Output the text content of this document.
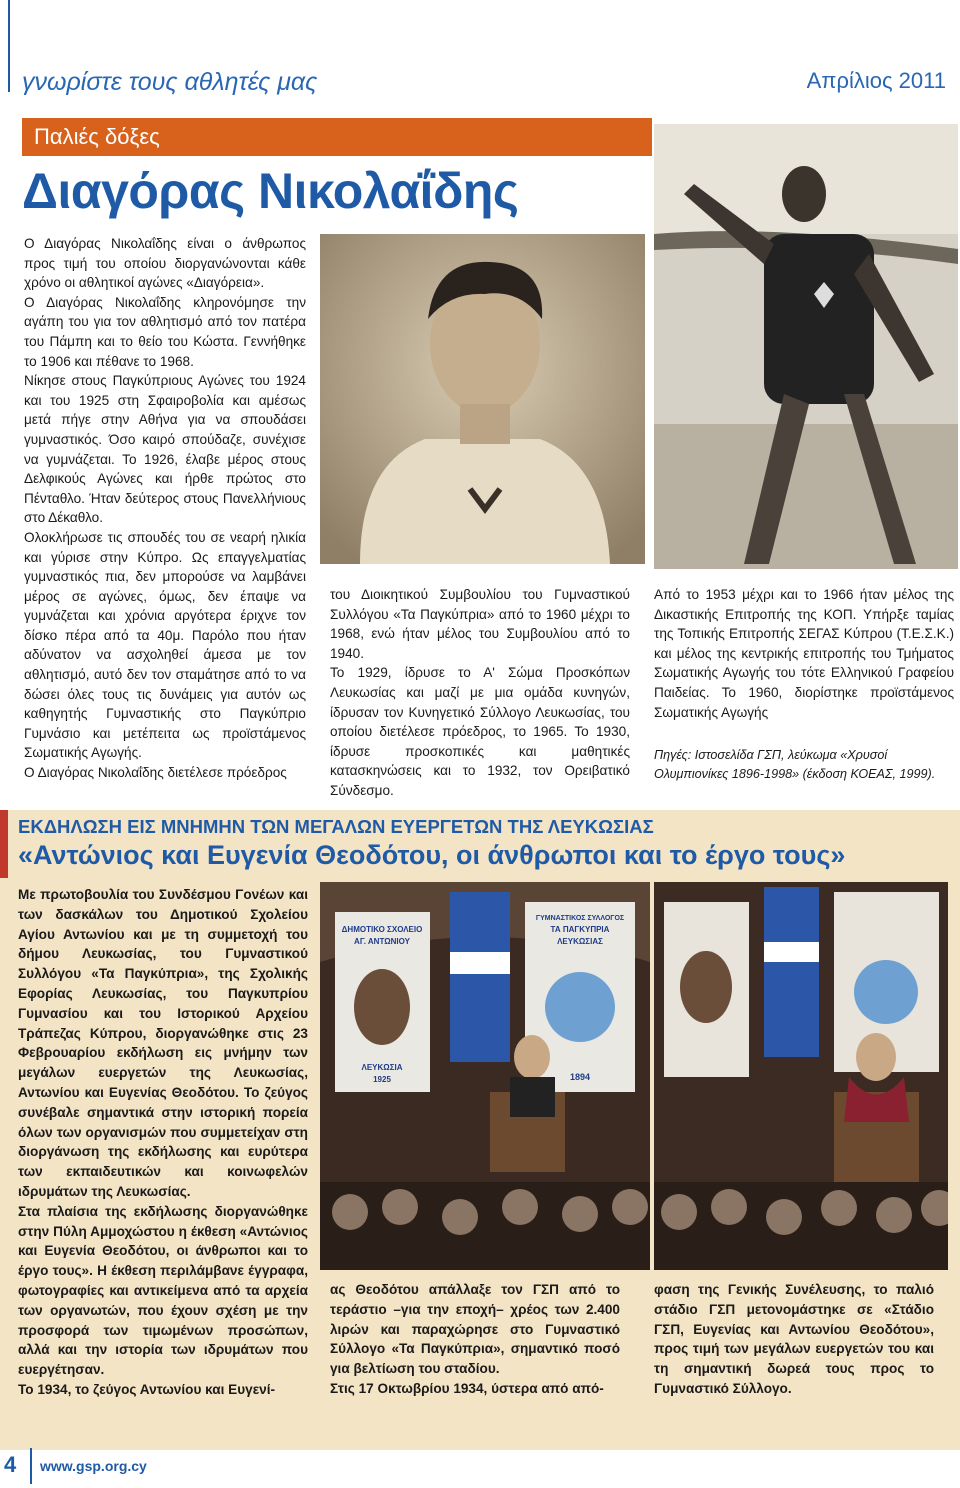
γνωρίστε τους αθλητές μας	Απρίλιος 2011
Παλιές δόξες
Διαγόρας Νικολαΐδης

Ο Διαγόρας Νικολαΐδης είναι ο άνθρωπος προς τιμή του οποίου διοργανώνονται κάθε χρόνο οι αθλητικοί αγώνες «Διαγόρεια».

Ο Διαγόρας Νικολαΐδης κληρονόμησε την αγάπη του για τον αθλητισμό από τον πατέρα του Πάμπη και το θείο του Κώστα. Γεννήθηκε το 1906 και πέθανε το 1968.

Νίκησε στους Παγκύπριους Αγώνες του 1924 και του 1925 στη Σφαιροβολία και αμέσως μετά πήγε στην Αθήνα για να σπουδάσει γυμναστικός. Όσο καιρό σπούδαζε, συνέχισε να γυμνάζεται. Το 1926, έλαβε μέρος στους Δελφικούς Αγώνες και ήρθε πρώτος στο Πένταθλο. Ήταν δεύτερος στους Πανελλήνιους στο Δέκαθλο.

Ολοκλήρωσε τις σπουδές του σε νεαρή ηλικία και γύρισε στην Κύπρο. Ως επαγγελματίας γυμναστικός πια, δεν μπορούσε να λαμβάνει μέρος σε αγώνες, όμως, δεν έπαψε να γυμνάζεται και χρόνια αργότερα έριχνε τον δίσκο πέρα από τα 40μ. Παρόλο που ήταν αδύνατον να ασχοληθεί άμεσα με τον αθλητισμό, αυτό δεν τον σταμάτησε από το να δώσει όλες τους τις δυνάμεις για αυτόν ως καθηγητής Γυμναστικής στο Παγκύπριο Γυμνάσιο και μετέπειτα ως προϊστάμενος Σωματικής Αγωγής.

Ο Διαγόρας Νικολαΐδης διετέλεσε πρόεδρος

του Διοικητικού Συμβουλίου του Γυμναστικού Συλλόγου «Τα Παγκύπρια» από το 1960 μέχρι το 1968, ενώ ήταν μέλος του Συμβουλίου από το 1940.

Το 1929, ίδρυσε το Α' Σώμα Προσκόπων Λευκωσίας και μαζί με μια ομάδα κυνηγών, ίδρυσαν τον Κυνηγετικό Σύλλογο Λευκωσίας, του οποίου διετέλεσε πρόεδρος, το 1965. Το 1930, ίδρυσε προσκοπικές και μαθητικές κατασκηνώσεις και το 1932, τον Ορειβατικό Σύνδεσμο.

Από το 1953 μέχρι και το 1966 ήταν μέλος της Δικαστικής Επιτροπής της ΚΟΠ. Υπήρξε ταμίας της Τοπικής Επιτροπής ΣΕΓΑΣ Κύπρου (Τ.Ε.Σ.Κ.) και μέλος της κεντρικής επιτροπής του Τμήματος Σωματικής Αγωγής του τότε Ελληνικού Γραφείου Παιδείας. Το 1960, διορίστηκε προϊστάμενος Σωματικής Αγωγής

Πηγές: Ιστοσελίδα ΓΣΠ, λεύκωμα «Χρυσοί Ολυμπιονίκες 1896-1998» (έκδοση ΚΟΕΑΣ, 1999).
ΕΚΔΗΛΩΣΗ ΕΙΣ ΜΝΗΜΗΝ ΤΩΝ ΜΕΓΑΛΩΝ ΕΥΕΡΓΕΤΩΝ ΤΗΣ ΛΕΥΚΩΣΙΑΣ
«Αντώνιος και Ευγενία Θεοδότου, οι άνθρωποι και το έργο τους»

Με πρωτοβουλία του Συνδέσμου Γονέων και των δασκάλων του Δημοτικού Σχολείου Αγίου Αντωνίου και με τη συμμετοχή του δήμου Λευκωσίας, του Γυμναστικού Συλλόγου «Τα Παγκύπρια», της Σχολικής Εφορίας Λευκωσίας, του Παγκυπρίου Γυμνασίου και του Ιστορικού Αρχείου Τράπεζας Κύπρου, διοργανώθηκε στις 23 Φεβρουαρίου εκδήλωση εις μνήμην των μεγάλων ευεργετών της Λευκωσίας, Αντωνίου και Ευγενίας Θεοδότου. Το ζεύγος συνέβαλε σημαντικά στην ιστορική πορεία όλων των οργανισμών που συμμετείχαν στη διοργάνωση της εκδήλωσης και ευρύτερα των εκπαιδευτικών και κοινωφελών ιδρυμάτων της Λευκωσίας.

Στα πλαίσια της εκδήλωσης διοργανώθηκε στην Πύλη Αμμοχώστου η έκθεση «Αντώνιος και Ευγενία Θεοδότου, οι άνθρωποι και το έργο τους». Η έκθεση περιλάμβανε έγγραφα, φωτογραφίες και αντικείμενα από τα αρχεία των οργανωτών, που έχουν σχέση με την προσφορά των τιμωμένων προσώπων, αλλά και την ιστορία των ιδρυμάτων που ευεργέτησαν.

Το 1934, το ζεύγος Αντωνίου και Ευγενί-

ΔΗΜΟΤΙΚΟ ΣΧΟΛΕΙΟ
ΑΓ. ΑΝΤΩΝΙΟΥ
ΛΕΥΚΩΣΙΑ
1925
ΓΥΜΝΑΣΤΙΚΟΣ ΣΥΛΛΟΓΟΣ
ΤΑ ΠΑΓΚΥΠΡΙΑ
ΛΕΥΚΩΣΙΑΣ
1894

ας Θεοδότου απάλλαξε τον ΓΣΠ από το τεράστιο –για την εποχή– χρέος των 2.400 λιρών και παραχώρησε στο Γυμναστικό Σύλλογο «Τα Παγκύπρια», σημαντικό ποσό για βελτίωση του σταδίου.

Στις 17 Οκτωβρίου 1934, ύστερα από από-

φαση της Γενικής Συνέλευσης, το παλιό στάδιο ΓΣΠ μετονομάστηκε σε «Στάδιο ΓΣΠ, Ευγενίας και Αντωνίου Θεοδότου», προς τιμή των μεγάλων ευεργετών του και τη σημαντική δωρεά τους προς το Γυμναστικό Σύλλογο.

4 www.gsp.org.cy
